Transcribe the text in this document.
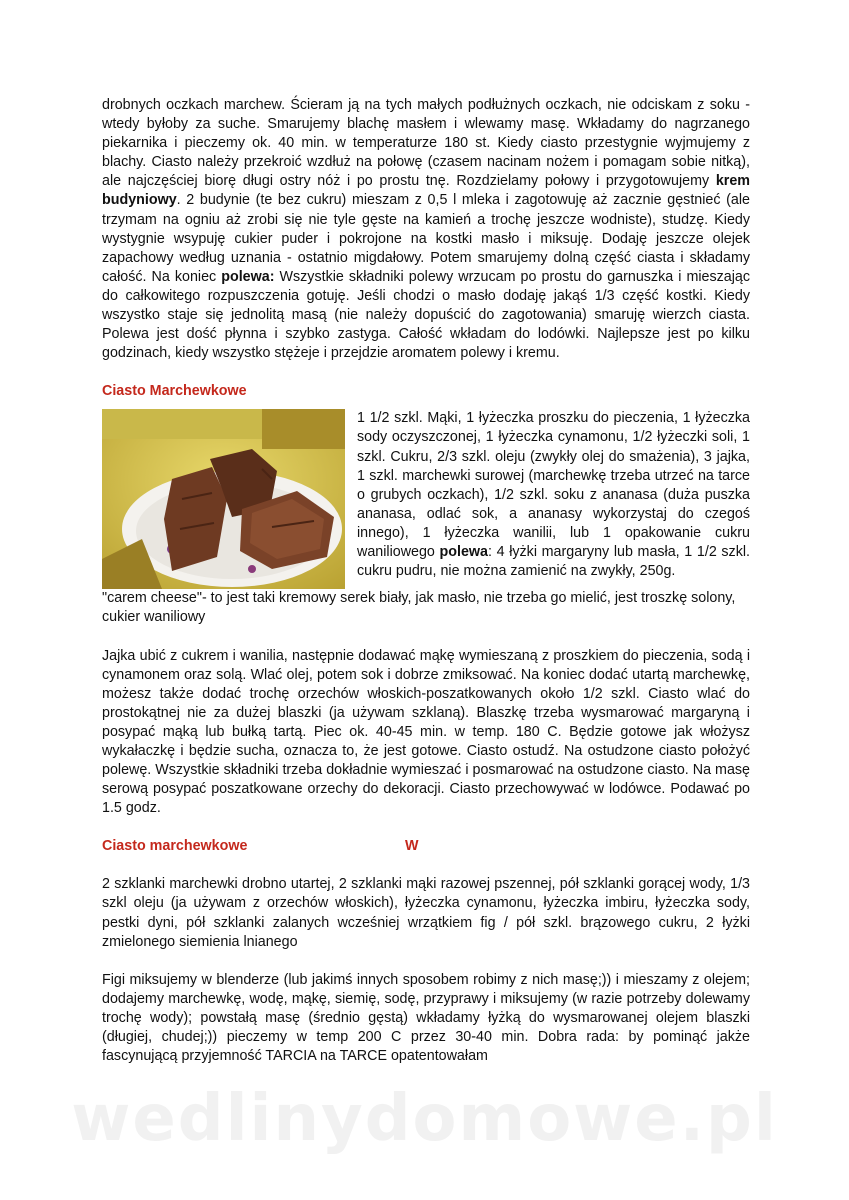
drobnych oczkach marchew. Ścieram ją na tych małych podłużnych oczkach, nie odciskam z soku - wtedy byłoby za suche. Smarujemy blachę masłem i wlewamy masę. Wkładamy do nagrzanego piekarnika i pieczemy ok. 40 min. w temperaturze 180 st. Kiedy ciasto przestygnie wyjmujemy z blachy. Ciasto należy przekroić wzdłuż na połowę (czasem nacinam nożem i pomagam sobie nitką), ale najczęściej biorę długi ostry nóż i po prostu tnę. Rozdzielamy połowy i przygotowujemy krem budyniowy. 2 budynie (te bez cukru) mieszam z 0,5 l mleka i zagotowuję aż zacznie gęstnieć (ale trzymam na ogniu aż zrobi się nie tyle gęste na kamień a trochę jeszcze wodniste), studzę. Kiedy wystygnie wsypuję cukier puder i pokrojone na kostki masło i miksuję. Dodaję jeszcze olejek zapachowy według uznania - ostatnio migdałowy. Potem smarujemy dolną część ciasta i składamy całość. Na koniec polewa: Wszystkie składniki polewy wrzucam po prostu do garnuszka i mieszając do całkowitego rozpuszczenia gotuję. Jeśli chodzi o masło dodaję jakąś 1/3 część kostki. Kiedy wszystko staje się jednolitą masą (nie należy dopuścić do zagotowania) smaruję wierzch ciasta. Polewa jest dość płynna i szybko zastyga. Całość wkładam do lodówki. Najlepsze jest po kilku godzinach, kiedy wszystko stężeje i przejdzie aromatem polewy i kremu.

Ciasto Marchewkowe

1 1/2 szkl. Mąki, 1 łyżeczka proszku do pieczenia, 1 łyżeczka sody oczyszczonej, 1 łyżeczka cynamonu, 1/2 łyżeczki soli, 1 szkl. Cukru, 2/3 szkl. oleju (zwykły olej do smażenia), 3 jajka, 1 szkl. marchewki surowej (marchewkę trzeba utrzeć na tarce o grubych oczkach), 1/2 szkl. soku z ananasa (duża puszka ananasa, odlać sok, a ananasy wykorzystaj do czegoś innego), 1 łyżeczka wanilii, lub 1 opakowanie cukru waniliowego polewa: 4 łyżki margaryny lub masła, 1 1/2 szkl. cukru pudru, nie można zamienić na zwykły, 250g.

"carem cheese"- to jest taki kremowy serek biały, jak masło, nie trzeba go mielić, jest troszkę solony, cukier waniliowy

Jajka ubić z cukrem i wanilia, następnie dodawać mąkę wymieszaną z proszkiem do pieczenia, sodą i cynamonem oraz solą. Wlać olej, potem sok i dobrze zmiksować. Na koniec dodać utartą marchewkę, możesz także dodać trochę orzechów włoskich-poszatkowanych około 1/2 szkl. Ciasto wlać do prostokątnej nie za dużej blaszki (ja używam szklaną). Blaszkę trzeba wysmarować margaryną i posypać mąką lub bułką tartą. Piec ok. 40-45 min. w temp. 180 C. Będzie gotowe jak włożysz wykałaczkę i będzie sucha, oznacza to, że jest gotowe. Ciasto ostudź. Na ostudzone ciasto położyć polewę. Wszystkie składniki trzeba dokładnie wymieszać i posmarować na ostudzone ciasto. Na masę serową posypać poszatkowane orzechy do dekoracji. Ciasto przechowywać w lodówce. Podawać po 1.5 godz.

Ciasto marchewkowe	W

2 szklanki marchewki drobno utartej, 2 szklanki mąki razowej pszennej, pół szklanki gorącej wody, 1/3 szkl oleju (ja używam z orzechów włoskich), łyżeczka cynamonu, łyżeczka imbiru, łyżeczka sody, pestki dyni, pół szklanki zalanych wcześniej wrzątkiem fig / pół szkl. brązowego cukru, 2 łyżki zmielonego siemienia lnianego

Figi miksujemy w blenderze (lub jakimś innych sposobem robimy z nich masę;)) i mieszamy z olejem; dodajemy marchewkę, wodę, mąkę, siemię, sodę, przyprawy i miksujemy (w razie potrzeby dolewamy trochę wody); powstałą masę (średnio gęstą) wkładamy łyżką do wysmarowanej olejem blaszki (długiej, chudej;)) pieczemy w temp 200 C przez 30-40 min. Dobra rada: by pominąć jakże fascynującą przyjemność TARCIA na TARCE opatentowałam

wedlinydomowe.pl
